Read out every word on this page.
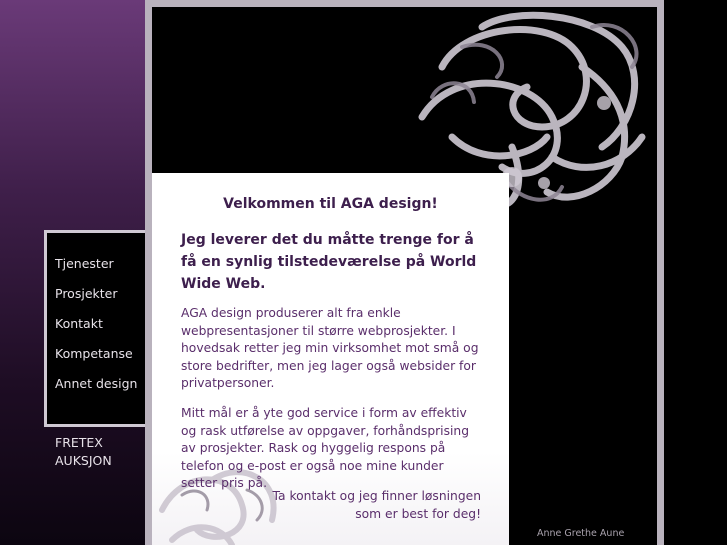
Tjenester
Prosjekter
Kontakt
Kompetanse
Annet design
FRETEX
AUKSJON
Velkommen til AGA design!
Jeg leverer det du måtte trenge for å få en synlig tilstedeværelse på World Wide Web.
AGA design produserer alt fra enkle webpresentasjoner til større webprosjekter. I hovedsak retter jeg min virksomhet mot små og store bedrifter, men jeg lager også websider for privatpersoner.
Mitt mål er å yte god service i form av effektiv og rask utførelse av oppgaver, forhåndsprising av prosjekter. Rask og hyggelig respons på telefon og e-post er også noe mine kunder setter pris på.
Ta kontakt og jeg finner løsningen
som er best for deg!
Anne Grethe Aune
